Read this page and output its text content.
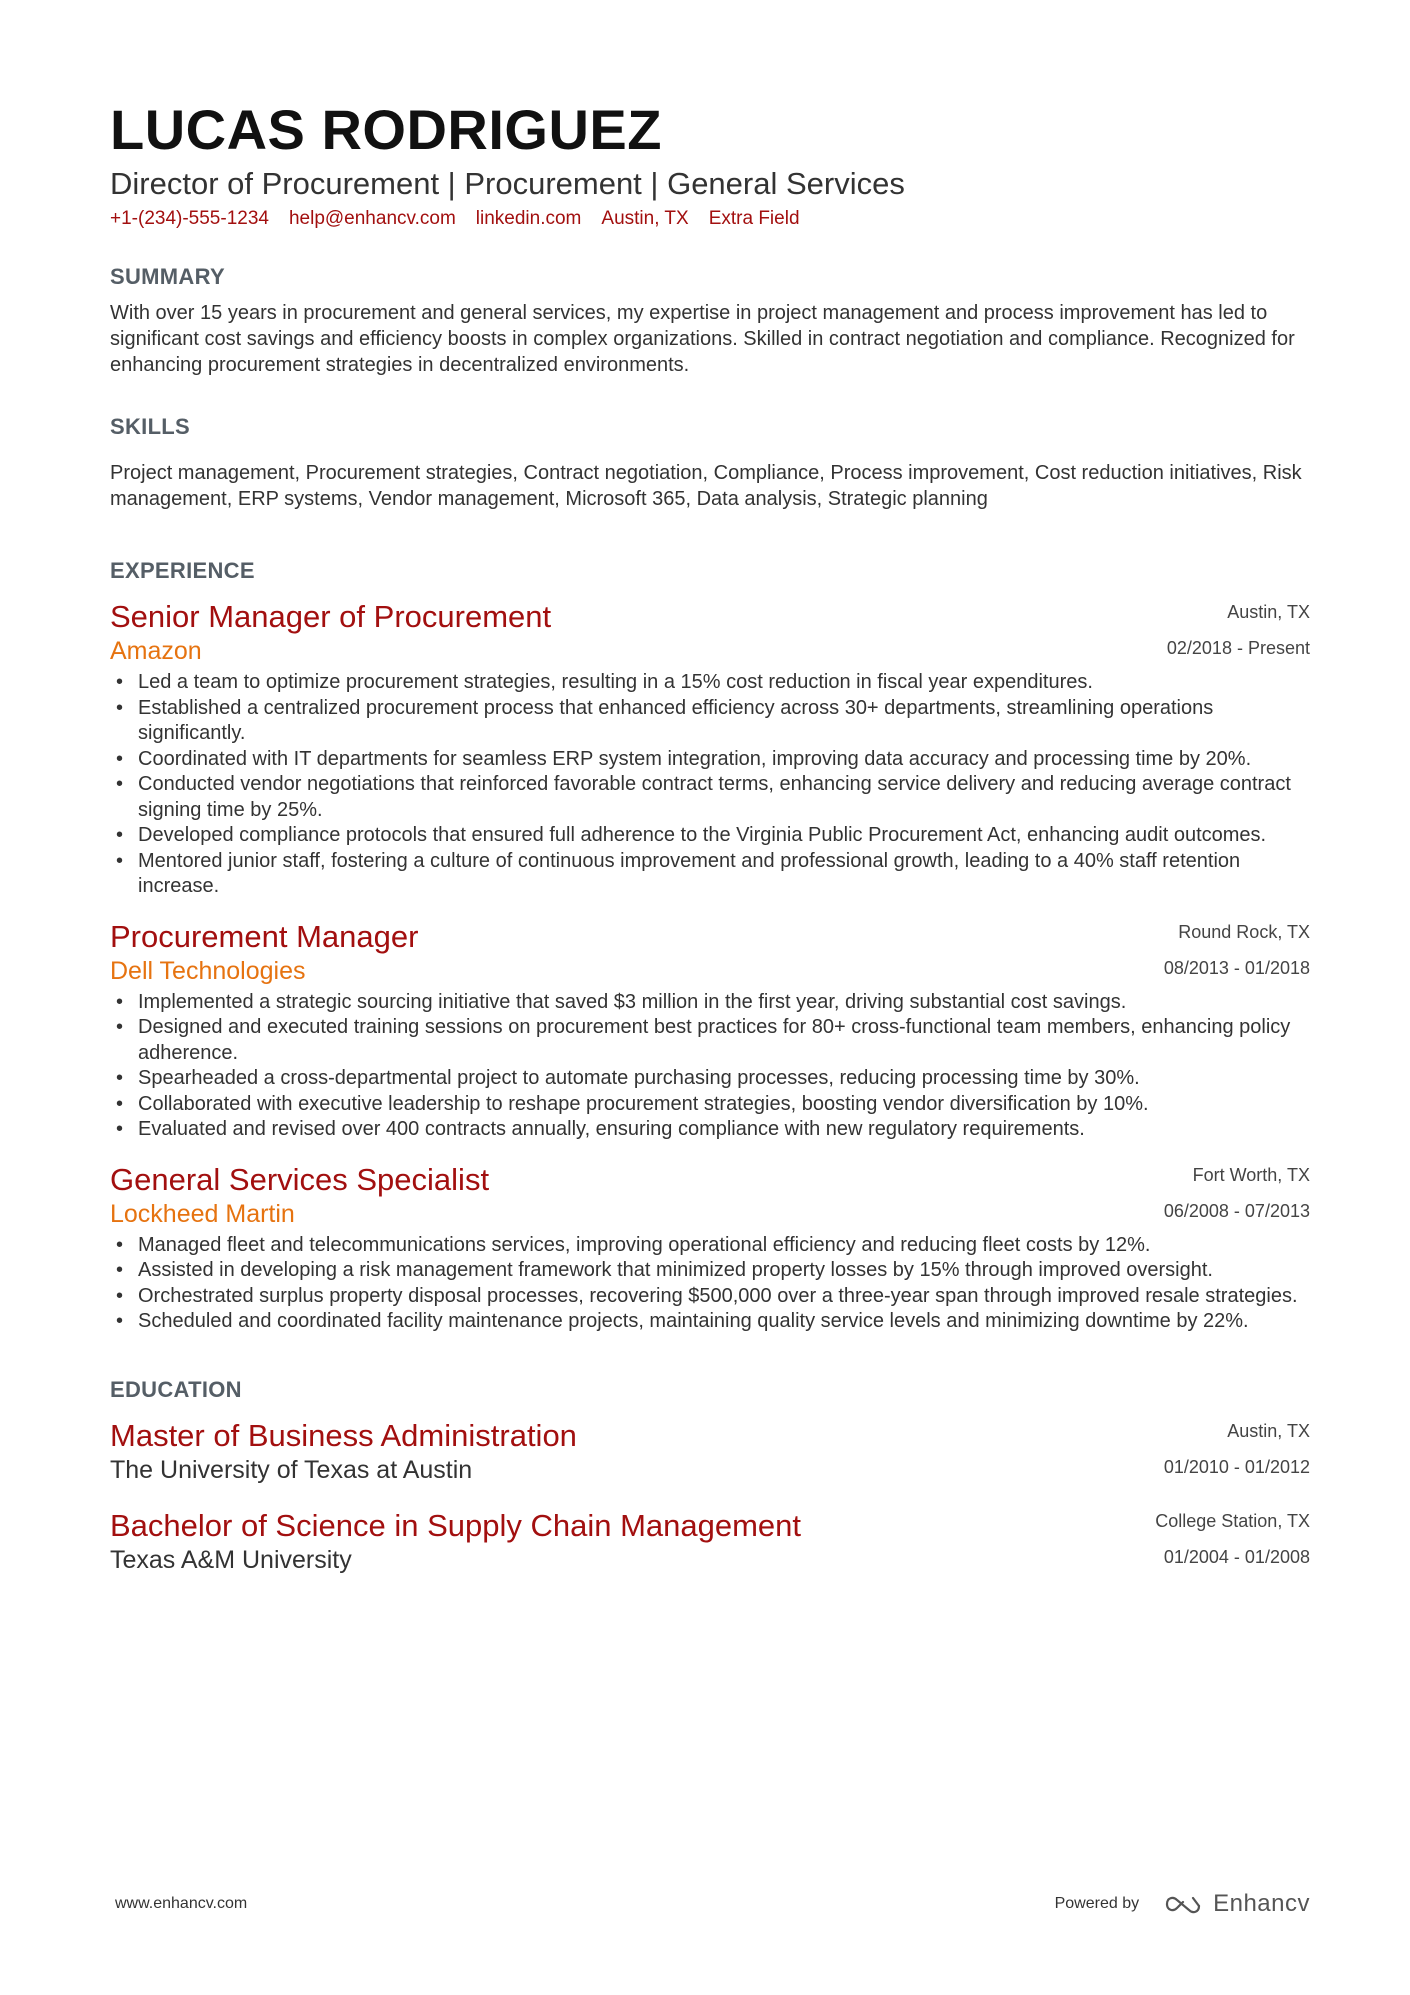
LUCAS RODRIGUEZ
Director of Procurement | Procurement | General Services
+1-(234)-555-1234 help@enhancv.com linkedin.com Austin, TX Extra Field
SUMMARY
With over 15 years in procurement and general services, my expertise in project management and process improvement has led to significant cost savings and efficiency boosts in complex organizations. Skilled in contract negotiation and compliance. Recognized for enhancing procurement strategies in decentralized environments.
SKILLS
Project management, Procurement strategies, Contract negotiation, Compliance, Process improvement, Cost reduction initiatives, Risk management, ERP systems, Vendor management, Microsoft 365, Data analysis, Strategic planning
EXPERIENCE
Senior Manager of Procurement	Austin, TX
Amazon	02/2018 - Present
• Led a team to optimize procurement strategies, resulting in a 15% cost reduction in fiscal year expenditures.
• Established a centralized procurement process that enhanced efficiency across 30+ departments, streamlining operations significantly.
• Coordinated with IT departments for seamless ERP system integration, improving data accuracy and processing time by 20%.
• Conducted vendor negotiations that reinforced favorable contract terms, enhancing service delivery and reducing average contract signing time by 25%.
• Developed compliance protocols that ensured full adherence to the Virginia Public Procurement Act, enhancing audit outcomes.
• Mentored junior staff, fostering a culture of continuous improvement and professional growth, leading to a 40% staff retention increase.
Procurement Manager	Round Rock, TX
Dell Technologies	08/2013 - 01/2018
• Implemented a strategic sourcing initiative that saved $3 million in the first year, driving substantial cost savings.
• Designed and executed training sessions on procurement best practices for 80+ cross-functional team members, enhancing policy adherence.
• Spearheaded a cross-departmental project to automate purchasing processes, reducing processing time by 30%.
• Collaborated with executive leadership to reshape procurement strategies, boosting vendor diversification by 10%.
• Evaluated and revised over 400 contracts annually, ensuring compliance with new regulatory requirements.
General Services Specialist	Fort Worth, TX
Lockheed Martin	06/2008 - 07/2013
• Managed fleet and telecommunications services, improving operational efficiency and reducing fleet costs by 12%.
• Assisted in developing a risk management framework that minimized property losses by 15% through improved oversight.
• Orchestrated surplus property disposal processes, recovering $500,000 over a three-year span through improved resale strategies.
• Scheduled and coordinated facility maintenance projects, maintaining quality service levels and minimizing downtime by 22%.
EDUCATION
Master of Business Administration	Austin, TX
The University of Texas at Austin	01/2010 - 01/2012
Bachelor of Science in Supply Chain Management	College Station, TX
Texas A&M University	01/2004 - 01/2008
www.enhancv.com	Powered by	Enhancv
